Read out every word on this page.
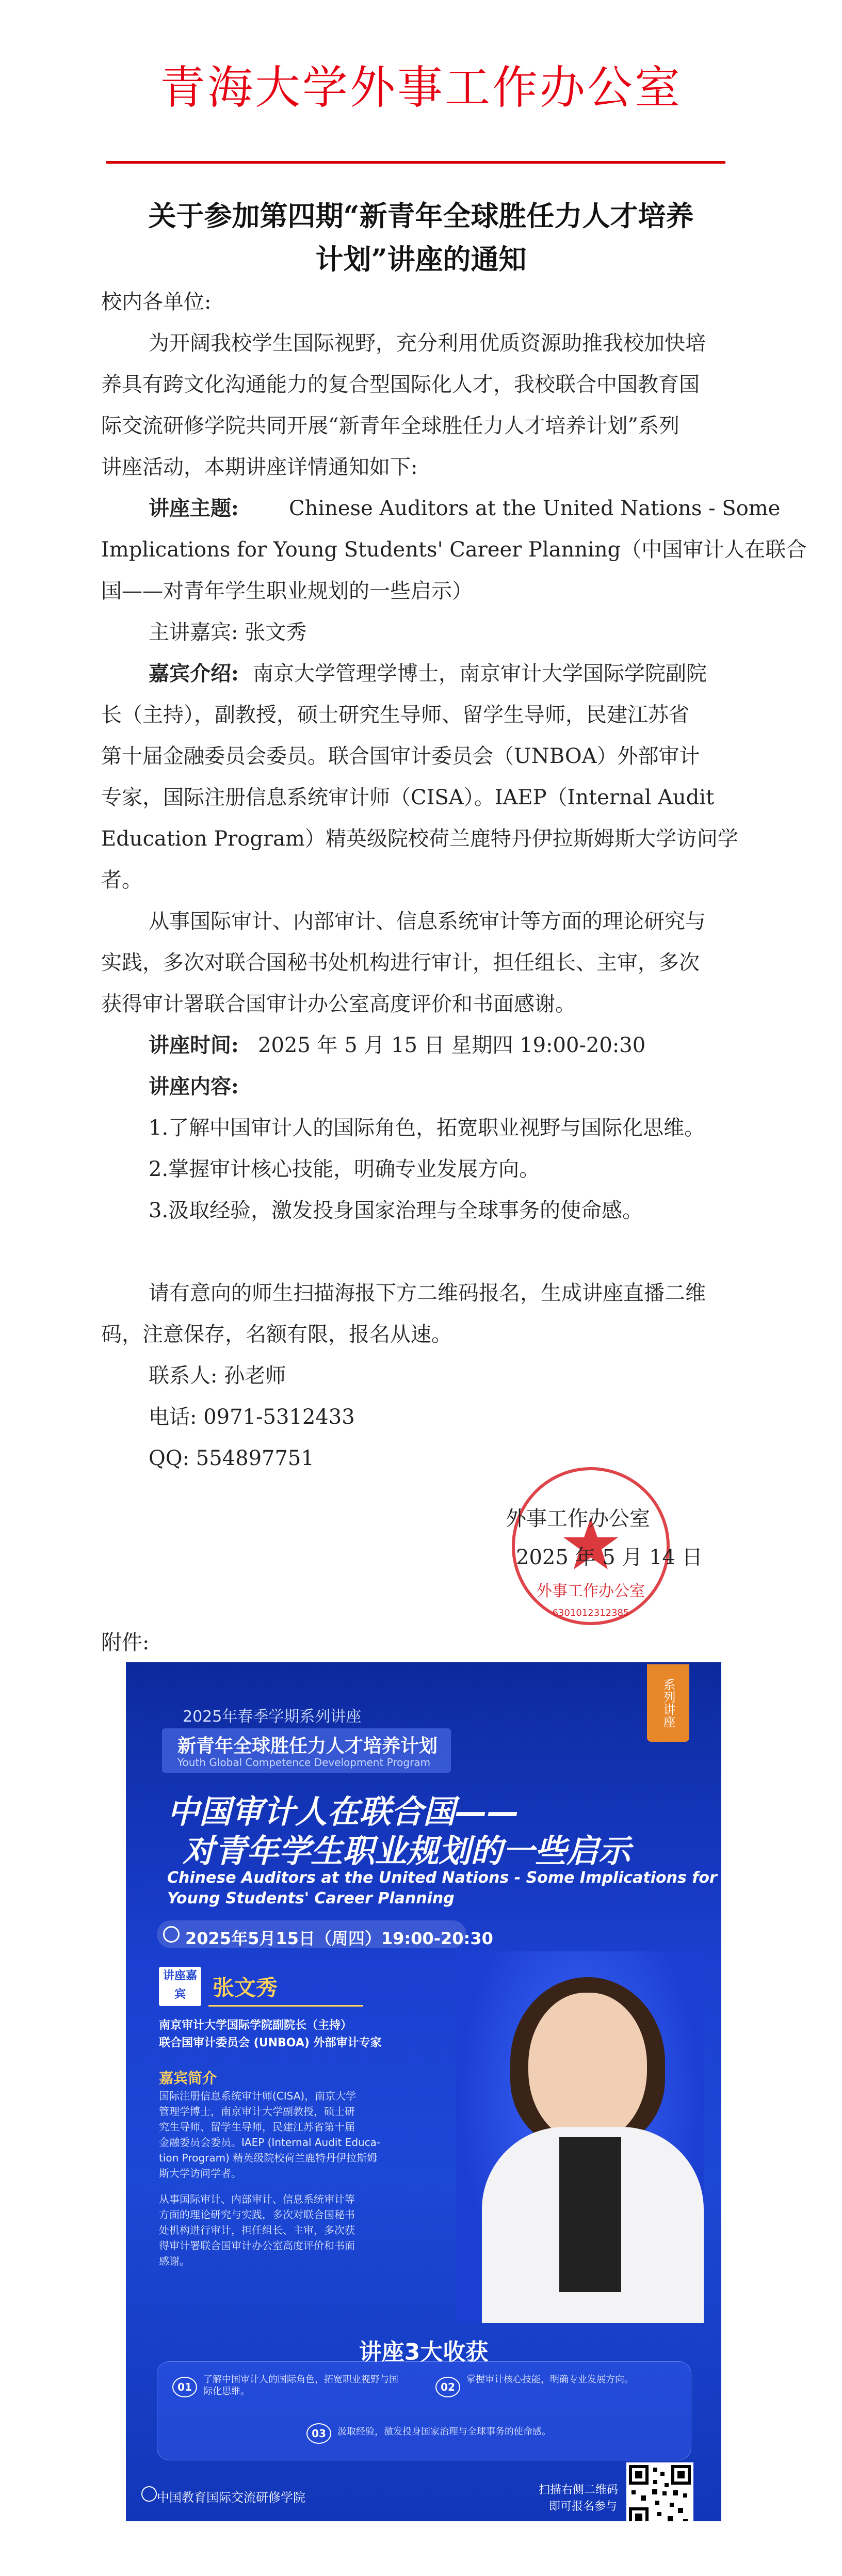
青海大学外事工作办公室
关于参加第四期“新青年全球胜任力人才培养
计划”讲座的通知
校内各单位:
为开阔我校学生国际视野，充分利用优质资源助推我校加快培
养具有跨文化沟通能力的复合型国际化人才，我校联合中国教育国
际交流研修学院共同开展“新青年全球胜任力人才培养计划”系列
讲座活动，本期讲座详情通知如下:
讲座主题: Chinese Auditors at the United Nations - Some
Implications for Young Students' Career Planning（中国审计人在联合
国——对青年学生职业规划的一些启示）
主讲嘉宾: 张文秀
嘉宾介绍: 南京大学管理学博士，南京审计大学国际学院副院
长（主持），副教授，硕士研究生导师、留学生导师，民建江苏省
第十届金融委员会委员。联合国审计委员会（UNBOA）外部审计
专家，国际注册信息系统审计师（CISA）。IAEP（Internal Audit
Education Program）精英级院校荷兰鹿特丹伊拉斯姆斯大学访问学
者。
从事国际审计、内部审计、信息系统审计等方面的理论研究与
实践，多次对联合国秘书处机构进行审计，担任组长、主审，多次
获得审计署联合国审计办公室高度评价和书面感谢。
讲座时间: 2025 年 5 月 15 日 星期四 19:00-20:30
讲座内容:
1.了解中国审计人的国际角色，拓宽职业视野与国际化思维。
2.掌握审计核心技能，明确专业发展方向。
3.汲取经验，激发投身国家治理与全球事务的使命感。
请有意向的师生扫描海报下方二维码报名，生成讲座直播二维
码，注意保存，名额有限，报名从速。
联系人: 孙老师
电话: 0971-5312433
QQ: 554897751
外事工作办公室
6301012312385
外事工作办公室
2025 年 5 月 14 日
附件:
2025年春季学期系列讲座	系列讲座
新青年全球胜任力人才培养计划
Youth Global Competence Development Program
中国审计人在联合国——
对青年学生职业规划的一些启示
Chinese Auditors at the United Nations - Some Implications for
Young Students' Career Planning
2025年5月15日（周四）19:00-20:30
讲座嘉宾	张文秀
南京审计大学国际学院副院长（主持）
联合国审计委员会 (UNBOA) 外部审计专家
嘉宾简介
国际注册信息系统审计师(CISA)，南京大学
管理学博士，南京审计大学副教授，硕士研
究生导师、留学生导师，民建江苏省第十届
金融委员会委员。IAEP (Internal Audit Educa-
tion Program) 精英级院校荷兰鹿特丹伊拉斯姆
斯大学访问学者。
从事国际审计、内部审计、信息系统审计等
方面的理论研究与实践，多次对联合国秘书
处机构进行审计，担任组长、主审，多次获
得审计署联合国审计办公室高度评价和书面
感谢。
讲座3大收获
01
了解中国审计人的国际角色，拓宽职业视野与国际化思维。	02
掌握审计核心技能，明确专业发展方向。
03	汲取经验，激发投身国家治理与全球事务的使命感。
中国教育国际交流研修学院
扫描右侧二维码
即可报名参与
